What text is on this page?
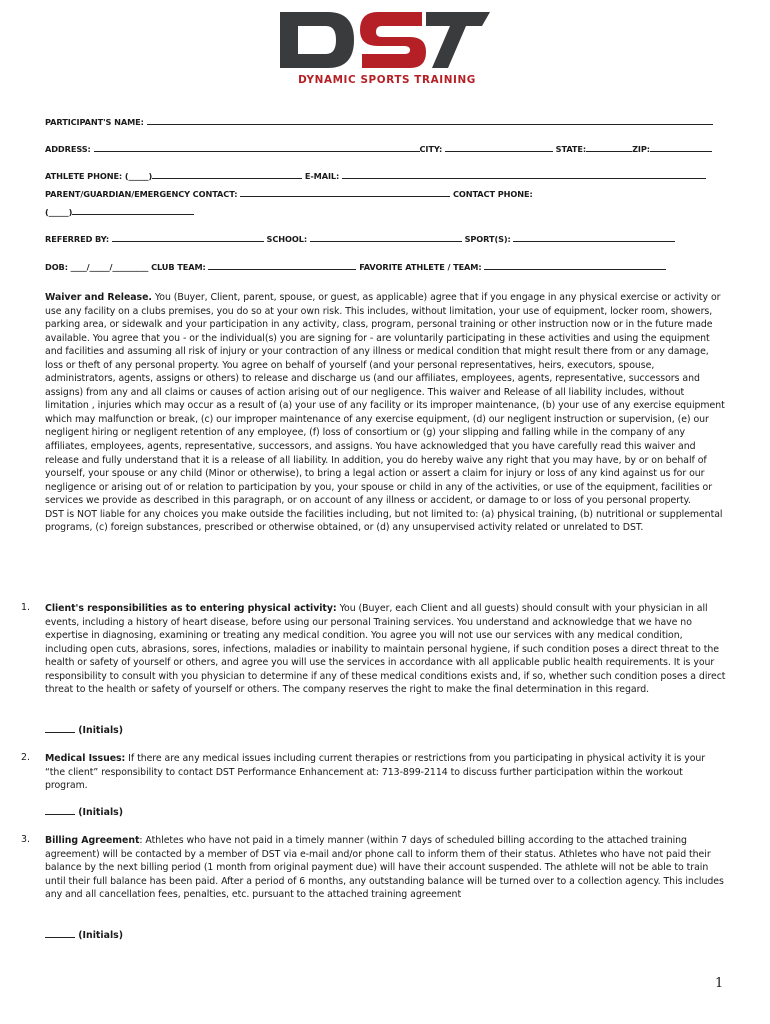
DYNAMIC SPORTS TRAINING
PARTICIPANT'S NAME:
ADDRESS:	CITY:	STATE:	ZIP:
ATHLETE PHONE: (_____)	E-MAIL:
PARENT/GUARDIAN/EMERGENCY CONTACT:	CONTACT PHONE:
(_____)
REFERRED BY:	SCHOOL:	SPORT(S):
DOB: ____/_____/_________ CLUB TEAM:	FAVORITE ATHLETE / TEAM:
Waiver and Release. You (Buyer, Client, parent, spouse, or guest, as applicable) agree that if you engage in any physical exercise or activity or use any facility on a clubs premises, you do so at your own risk. This includes, without limitation, your use of equipment, locker room, showers, parking area, or sidewalk and your participation in any activity, class, program, personal training or other instruction now or in the future made available. You agree that you - or the individual(s) you are signing for - are voluntarily participating in these activities and using the equipment and facilities and assuming all risk of injury or your contraction of any illness or medical condition that might result there from or any damage, loss or theft of any personal property. You agree on behalf of yourself (and your personal representatives, heirs, executors, spouse, administrators, agents, assigns or others) to release and discharge us (and our affiliates, employees, agents, representative, successors and assigns) from any and all claims or causes of action arising out of our negligence. This waiver and Release of all liability includes, without limitation , injuries which may occur as a result of (a) your use of any facility or its improper maintenance, (b) your use of any exercise equipment which may malfunction or break, (c) our improper maintenance of any exercise equipment, (d) our negligent instruction or supervision, (e) our negligent hiring or negligent retention of any employee, (f) loss of consortium or (g) your slipping and falling while in the company of any affiliates, employees, agents, representative, successors, and assigns. You have acknowledged that you have carefully read this waiver and release and fully understand that it is a release of all liability. In addition, you do hereby waive any right that you may have, by or on behalf of yourself, your spouse or any child (Minor or otherwise), to bring a legal action or assert a claim for injury or loss of any kind against us for our negligence or arising out of or relation to participation by you, your spouse or child in any of the activities, or use of the equipment, facilities or services we provide as described in this paragraph, or on account of any illness or accident, or damage to or loss of you personal property.
DST is NOT liable for any choices you make outside the facilities including, but not limited to: (a) physical training, (b) nutritional or supplemental programs, (c) foreign substances, prescribed or otherwise obtained, or (d) any unsupervised activity related or unrelated to DST.
1. Client's responsibilities as to entering physical activity: You (Buyer, each Client and all guests) should consult with your physician in all events, including a history of heart disease, before using our personal Training services. You understand and acknowledge that we have no expertise in diagnosing, examining or treating any medical condition. You agree you will not use our services with any medical condition, including open cuts, abrasions, sores, infections, maladies or inability to maintain personal hygiene, if such condition poses a direct threat to the health or safety of yourself or others, and agree you will use the services in accordance with all applicable public health requirements. It is your responsibility to consult with you physician to determine if any of these medical conditions exists and, if so, whether such condition poses a direct threat to the health or safety of yourself or others. The company reserves the right to make the final determination in this regard.
(Initials)
2. Medical Issues: If there are any medical issues including current therapies or restrictions from you participating in physical activity it is your “the client” responsibility to contact DST Performance Enhancement at: 713-899-2114 to discuss further participation within the workout program.
(Initials)
3. Billing Agreement: Athletes who have not paid in a timely manner (within 7 days of scheduled billing according to the attached training agreement) will be contacted by a member of DST via e-mail and/or phone call to inform them of their status. Athletes who have not paid their balance by the next billing period (1 month from original payment due) will have their account suspended. The athlete will not be able to train until their full balance has been paid. After a period of 6 months, any outstanding balance will be turned over to a collection agency. This includes any and all cancellation fees, penalties, etc. pursuant to the attached training agreement
(Initials)
1
